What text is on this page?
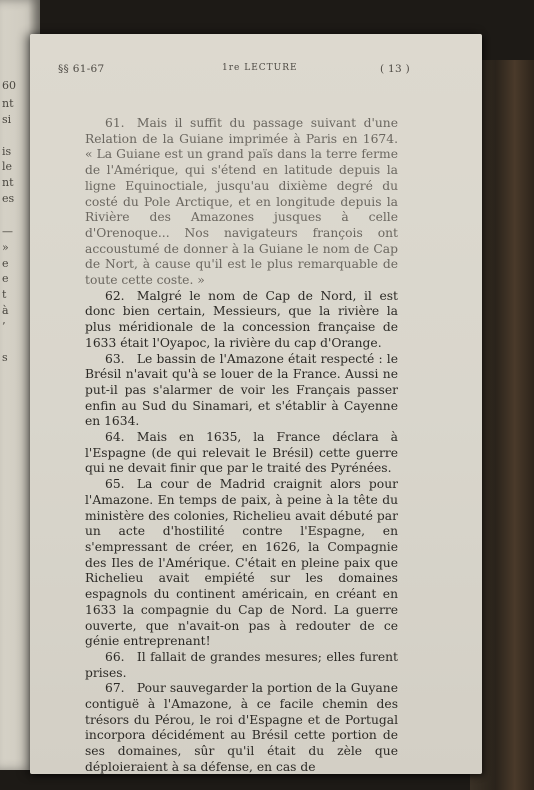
60
nt
si
is
le
nt
es
—
»
e
e
t
à
’
s
§§ 61-67	1re LECTURE	( 13 )

61. Mais il suffit du passage suivant d'une Relation de la Guiane imprimée à Paris en 1674. « La Guiane est un grand païs dans la terre ferme de l'Amérique, qui s'étend en latitude depuis la ligne Equinoctiale, jusqu'au dixième degré du costé du Pole Arctique, et en longitude depuis la Rivière des Amazones jusques à celle d'Orenoque... Nos navigateurs françois ont accoustumé de donner à la Guiane le nom de Cap de Nort, à cause qu'il est le plus remarquable de toute cette coste. »

62. Malgré le nom de Cap de Nord, il est donc bien certain, Messieurs, que la rivière la plus méridionale de la concession française de 1633 était l'Oyapoc, la rivière du cap d'Orange.

63. Le bassin de l'Amazone était respecté : le Brésil n'avait qu'à se louer de la France. Aussi ne put-il pas s'alarmer de voir les Français passer enfin au Sud du Sinamari, et s'établir à Cayenne en 1634.

64. Mais en 1635, la France déclara à l'Espagne (de qui relevait le Brésil) cette guerre qui ne devait finir que par le traité des Pyrénées.

65. La cour de Madrid craignit alors pour l'Amazone. En temps de paix, à peine à la tête du ministère des colonies, Richelieu avait débuté par un acte d'hostilité contre l'Espagne, en s'empressant de créer, en 1626, la Compagnie des Iles de l'Amérique. C'était en pleine paix que Richelieu avait empiété sur les domaines espagnols du continent américain, en créant en 1633 la compagnie du Cap de Nord. La guerre ouverte, que n'avait-on pas à redouter de ce génie entreprenant!

66. Il fallait de grandes mesures; elles furent prises.

67. Pour sauvegarder la portion de la Guyane contiguë à l'Amazone, à ce facile chemin des trésors du Pérou, le roi d'Espagne et de Portugal incorpora décidément au Brésil cette portion de ses domaines, sûr qu'il était du zèle que déploieraient à sa défense, en cas de
